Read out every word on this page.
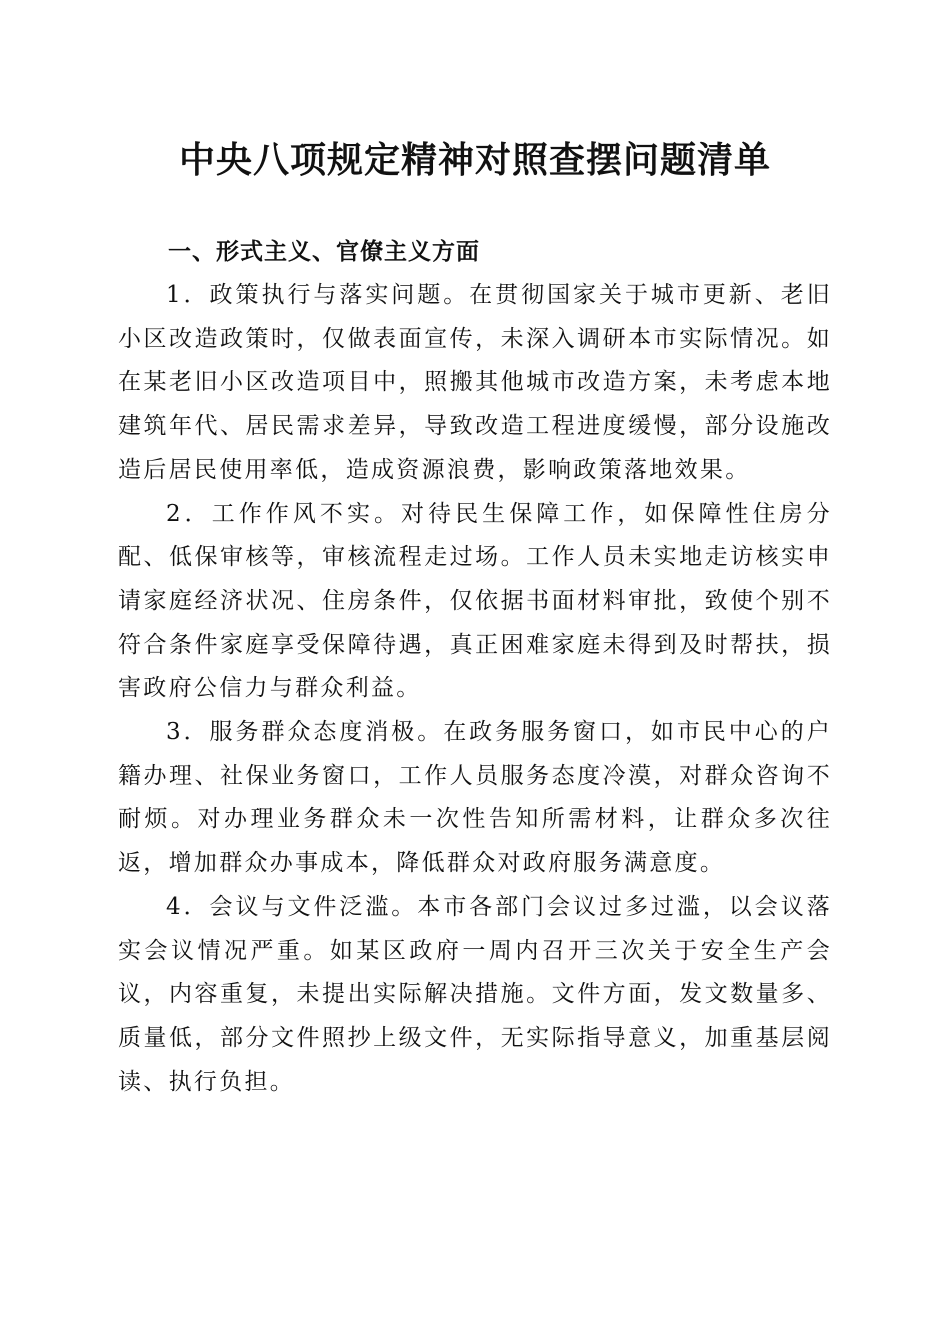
中央八项规定精神对照查摆问题清单
一、形式主义、官僚主义方面

1．政策执行与落实问题。在贯彻国家关于城市更新、老旧小区改造政策时，仅做表面宣传，未深入调研本市实际情况。如在某老旧小区改造项目中，照搬其他城市改造方案，未考虑本地建筑年代、居民需求差异，导致改造工程进度缓慢，部分设施改造后居民使用率低，造成资源浪费，影响政策落地效果。

2．工作作风不实。对待民生保障工作，如保障性住房分配、低保审核等，审核流程走过场。工作人员未实地走访核实申请家庭经济状况、住房条件，仅依据书面材料审批，致使个别不符合条件家庭享受保障待遇，真正困难家庭未得到及时帮扶，损害政府公信力与群众利益。

3．服务群众态度消极。在政务服务窗口，如市民中心的户籍办理、社保业务窗口，工作人员服务态度冷漠，对群众咨询不耐烦。对办理业务群众未一次性告知所需材料，让群众多次往返，增加群众办事成本，降低群众对政府服务满意度。

4．会议与文件泛滥。本市各部门会议过多过滥，以会议落实会议情况严重。如某区政府一周内召开三次关于安全生产会议，内容重复，未提出实际解决措施。文件方面，发文数量多、质量低，部分文件照抄上级文件，无实际指导意义，加重基层阅读、执行负担。
